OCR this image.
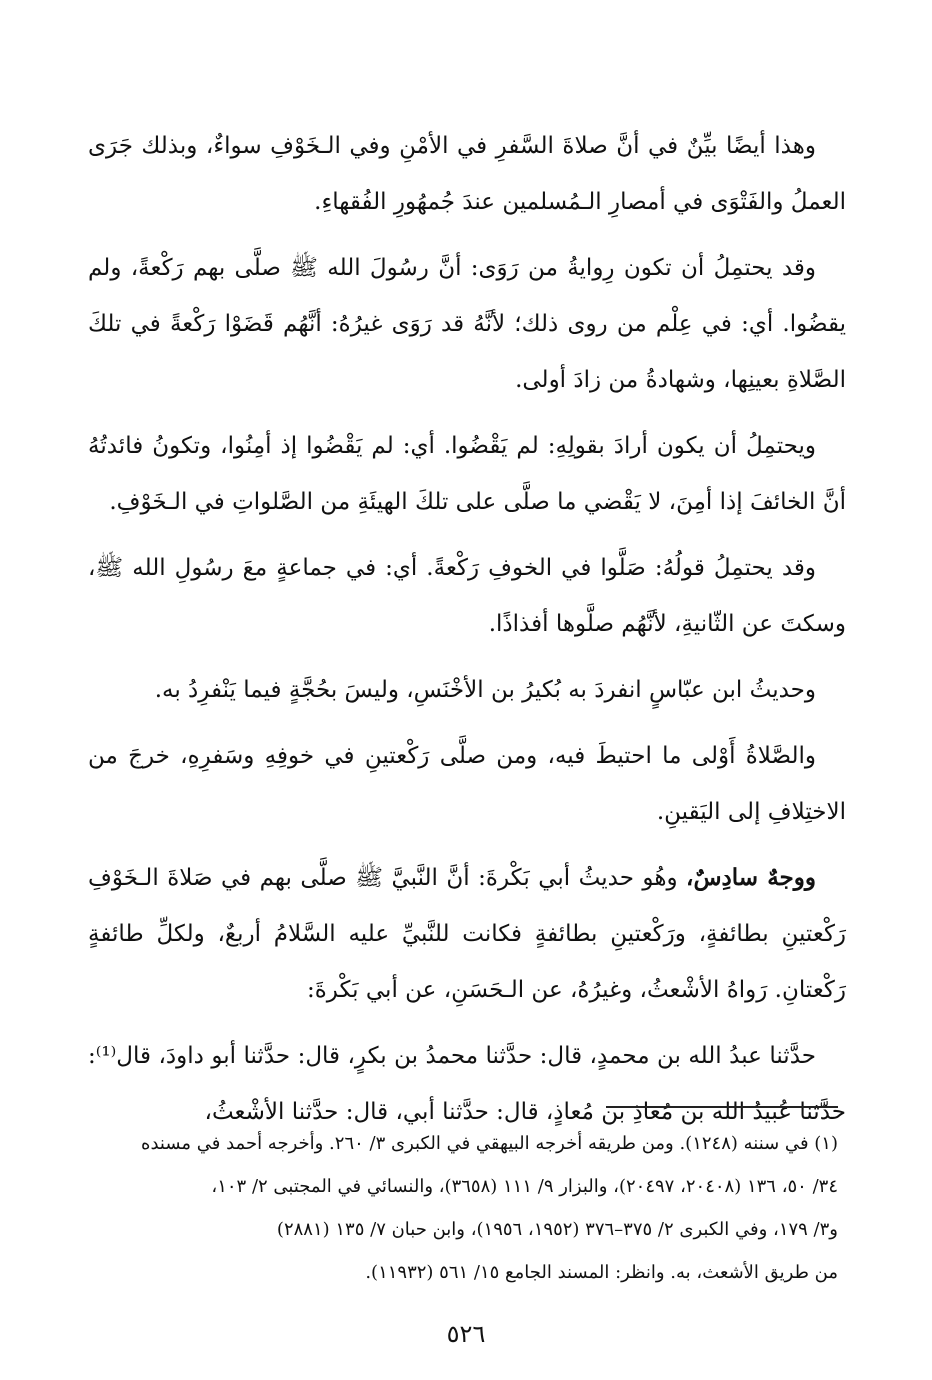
وهذا أيضًا بيِّنٌ في أنَّ صلاةَ السَّفرِ في الأمْنِ وفي الـخَوْفِ سواءٌ، وبذلك جَرَى العملُ والفَتْوَى في أمصارِ الـمُسلمين عندَ جُمهُورِ الفُقهاءِ.

وقد يحتمِلُ أن تكون رِوايةُ من رَوَى: أنَّ رسُولَ الله ﷺ صلَّى بهم رَكْعةً، ولم يقضُوا. أي: في عِلْم من روى ذلك؛ لأنَّهُ قد رَوَى غيرُهُ: أنَّهُم قَضَوْا رَكْعةً في تلكَ الصَّلاةِ بعينِها، وشهادةُ من زادَ أولى.

ويحتمِلُ أن يكون أرادَ بقولِهِ: لم يَقْضُوا. أي: لم يَقْضُوا إذ أمِنُوا، وتكونُ فائدتُهُ أنَّ الخائفَ إذا أمِنَ، لا يَقْضي ما صلَّى على تلكَ الهيئَةِ من الصَّلواتِ في الـخَوْفِ.

وقد يحتمِلُ قولُهُ: صَلَّوا في الخوفِ رَكْعةً. أي: في جماعةٍ معَ رسُولِ الله ﷺ، وسكتَ عن الثّانيةِ، لأنَّهُم صلَّوها أفذاذًا.

وحديثُ ابن عبّاسٍ انفردَ به بُكيرُ بن الأخْنَسِ، وليسَ بحُجَّةٍ فيما يَنْفرِدُ به.

والصَّلاةُ أَوْلى ما احتيطَ فيه، ومن صلَّى رَكْعتينِ في خوفِهِ وسَفرِهِ، خرجَ من الاختِلافِ إلى اليَقينِ.

ووجهٌ سادِسٌ، وهُو حديثُ أبي بَكْرةَ: أنَّ النَّبيَّ ﷺ صلَّى بهم في صَلاةَ الـخَوْفِ رَكْعتينِ بطائفةٍ، ورَكْعتينِ بطائفةٍ فكانت للنَّبيِّ عليه السَّلامُ أربعٌ، ولكلِّ طائفةٍ رَكْعتانِ. رَواهُ الأشْعثُ، وغيرُهُ، عن الـحَسَنِ، عن أبي بَكْرةَ:

حدَّثنا عبدُ الله بن محمدٍ، قال: حدَّثنا محمدُ بن بكرٍ، قال: حدَّثنا أبو داودَ، قال⁽¹⁾: حدَّثنا عُبيدُ الله بن مُعاذِ بن مُعاذٍ، قال: حدَّثنا أبي، قال: حدَّثنا الأشْعثُ،

(١) في سننه (١٢٤٨). ومن طريقه أخرجه البيهقي في الكبرى ٣/ ٢٦٠. وأخرجه أحمد في مسنده

٣٤/ ٥٠، ١٣٦ (٢٠٤٠٨، ٢٠٤٩٧)، والبزار ٩/ ١١١ (٣٦٥٨)، والنسائي في المجتبى ٢/ ١٠٣،

و٣/ ١٧٩، وفي الكبرى ٢/ ٣٧٥–٣٧٦ (١٩٥٢، ١٩٥٦)، وابن حبان ٧/ ١٣٥ (٢٨٨١)

من طريق الأشعث، به. وانظر: المسند الجامع ١٥/ ٥٦١ (١١٩٣٢).

٥٢٦
